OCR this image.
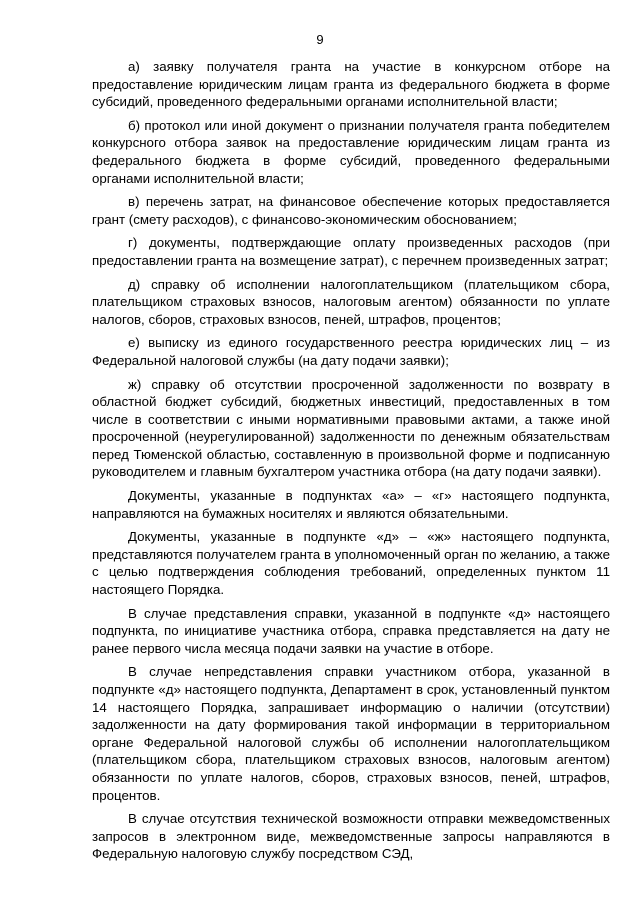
9

а) заявку получателя гранта на участие в конкурсном отборе на предоставление юридическим лицам гранта из федерального бюджета в форме субсидий, проведенного федеральными органами исполнительной власти;

б) протокол или иной документ о признании получателя гранта победителем конкурсного отбора заявок на предоставление юридическим лицам гранта из федерального бюджета в форме субсидий, проведенного федеральными органами исполнительной власти;

в) перечень затрат, на финансовое обеспечение которых предоставляется грант (смету расходов), с финансово-экономическим обоснованием;

г) документы, подтверждающие оплату произведенных расходов (при предоставлении гранта на возмещение затрат), с перечнем произведенных затрат;

д) справку об исполнении налогоплательщиком (плательщиком сбора, плательщиком страховых взносов, налоговым агентом) обязанности по уплате налогов, сборов, страховых взносов, пеней, штрафов, процентов;

е) выписку из единого государственного реестра юридических лиц – из Федеральной налоговой службы (на дату подачи заявки);

ж) справку об отсутствии просроченной задолженности по возврату в областной бюджет субсидий, бюджетных инвестиций, предоставленных в том числе в соответствии с иными нормативными правовыми актами, а также иной просроченной (неурегулированной) задолженности по денежным обязательствам перед Тюменской областью, составленную в произвольной форме и подписанную руководителем и главным бухгалтером участника отбора (на дату подачи заявки).

Документы, указанные в подпунктах «а» – «г» настоящего подпункта, направляются на бумажных носителях и являются обязательными.

Документы, указанные в подпункте «д» – «ж» настоящего подпункта, представляются получателем гранта в уполномоченный орган по желанию, а также с целью подтверждения соблюдения требований, определенных пунктом 11 настоящего Порядка.

В случае представления справки, указанной в подпункте «д» настоящего подпункта, по инициативе участника отбора, справка представляется на дату не ранее первого числа месяца подачи заявки на участие в отборе.

В случае непредставления справки участником отбора, указанной в подпункте «д» настоящего подпункта, Департамент в срок, установленный пунктом 14 настоящего Порядка, запрашивает информацию о наличии (отсутствии) задолженности на дату формирования такой информации в территориальном органе Федеральной налоговой службы об исполнении налогоплательщиком (плательщиком сбора, плательщиком страховых взносов, налоговым агентом) обязанности по уплате налогов, сборов, страховых взносов, пеней, штрафов, процентов.

В случае отсутствия технической возможности отправки межведомственных запросов в электронном виде, межведомственные запросы направляются в Федеральную налоговую службу посредством СЭД,
